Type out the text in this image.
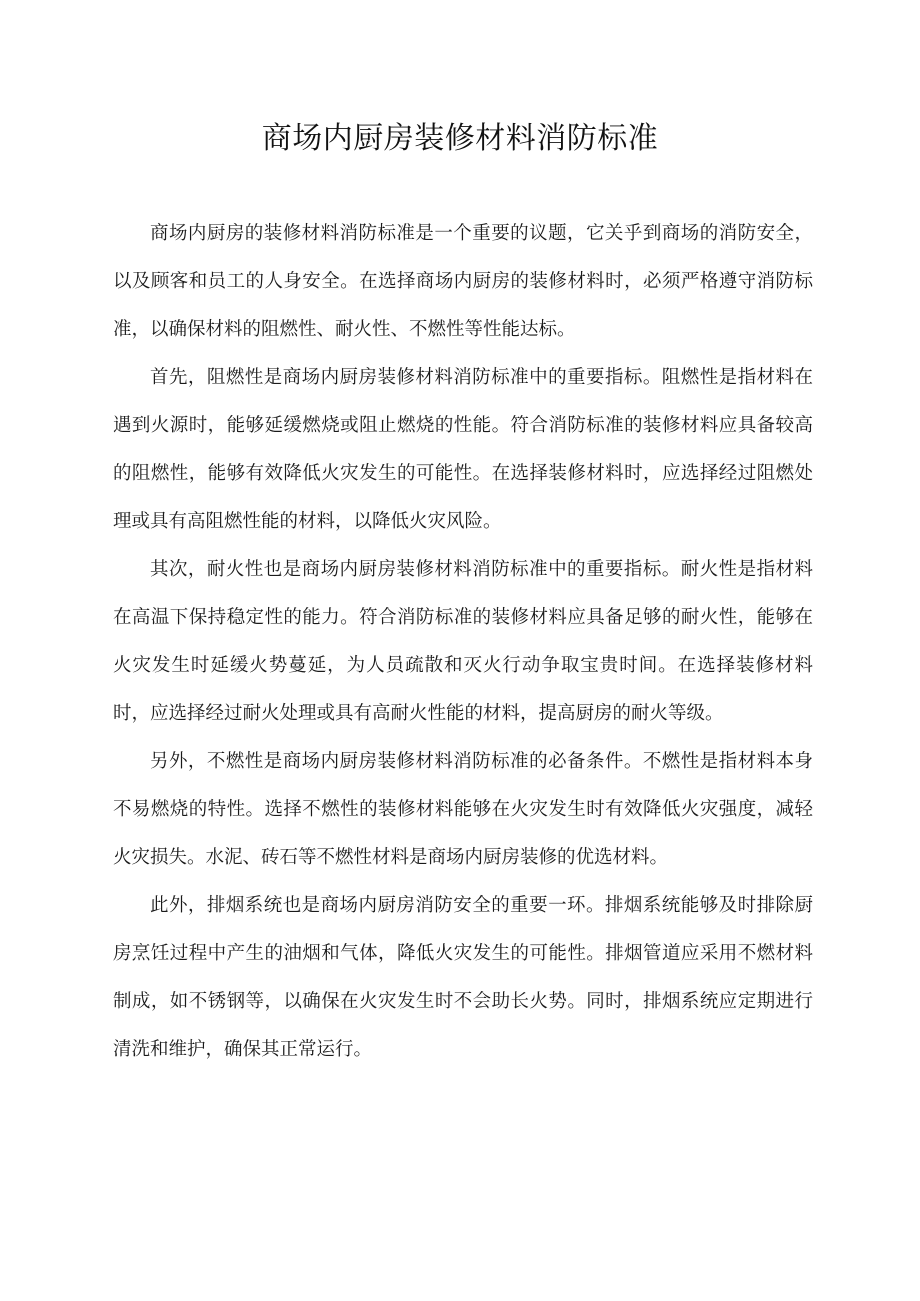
商场内厨房装修材料消防标准

商场内厨房的装修材料消防标准是一个重要的议题，它关乎到商场的消防安全，以及顾客和员工的人身安全。在选择商场内厨房的装修材料时，必须严格遵守消防标准，以确保材料的阻燃性、耐火性、不燃性等性能达标。

首先，阻燃性是商场内厨房装修材料消防标准中的重要指标。阻燃性是指材料在遇到火源时，能够延缓燃烧或阻止燃烧的性能。符合消防标准的装修材料应具备较高的阻燃性，能够有效降低火灾发生的可能性。在选择装修材料时，应选择经过阻燃处理或具有高阻燃性能的材料，以降低火灾风险。

其次，耐火性也是商场内厨房装修材料消防标准中的重要指标。耐火性是指材料在高温下保持稳定性的能力。符合消防标准的装修材料应具备足够的耐火性，能够在火灾发生时延缓火势蔓延，为人员疏散和灭火行动争取宝贵时间。在选择装修材料时，应选择经过耐火处理或具有高耐火性能的材料，提高厨房的耐火等级。

另外，不燃性是商场内厨房装修材料消防标准的必备条件。不燃性是指材料本身不易燃烧的特性。选择不燃性的装修材料能够在火灾发生时有效降低火灾强度，减轻火灾损失。水泥、砖石等不燃性材料是商场内厨房装修的优选材料。

此外，排烟系统也是商场内厨房消防安全的重要一环。排烟系统能够及时排除厨房烹饪过程中产生的油烟和气体，降低火灾发生的可能性。排烟管道应采用不燃材料制成，如不锈钢等，以确保在火灾发生时不会助长火势。同时，排烟系统应定期进行清洗和维护，确保其正常运行。
